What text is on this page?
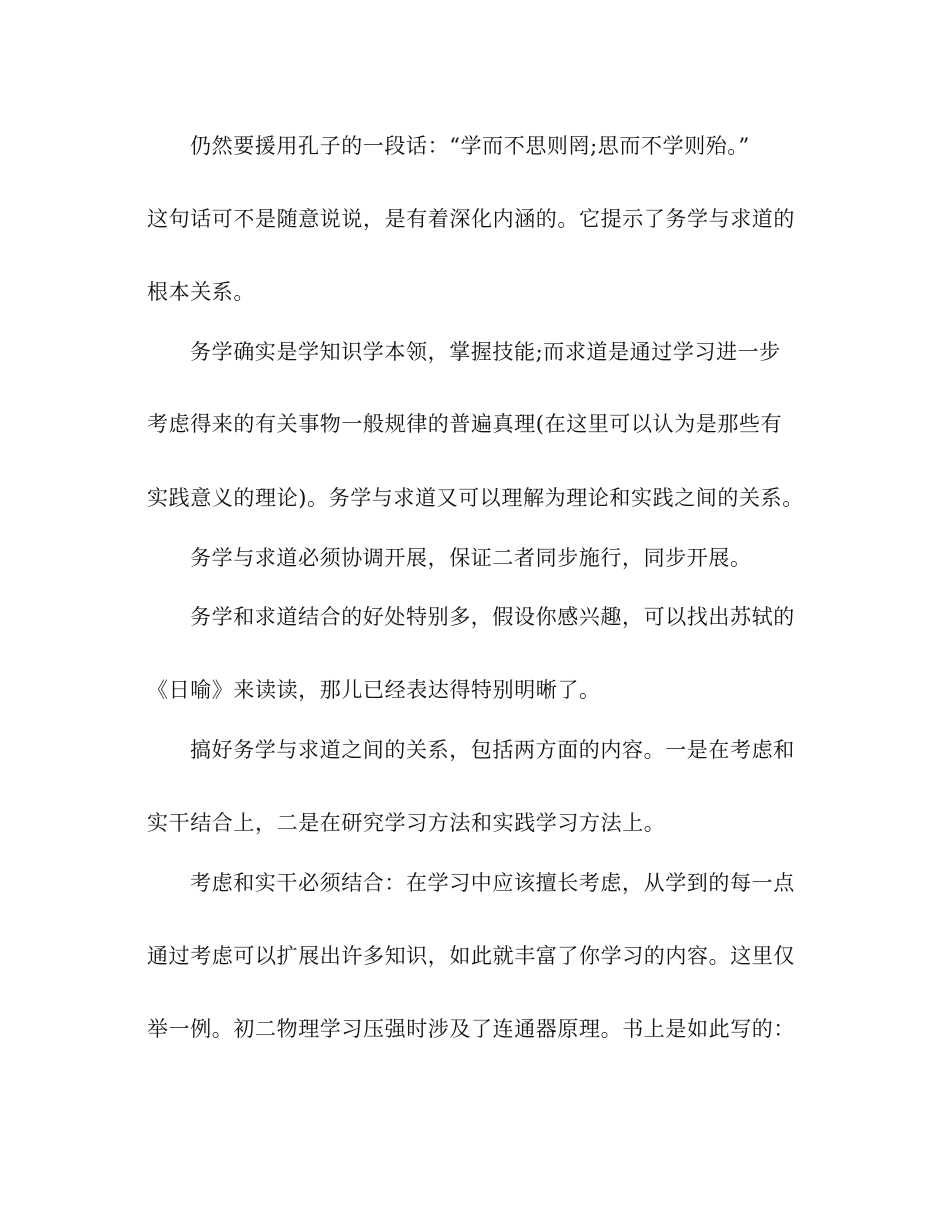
仍然要援用孔子的一段话：“学而不思则罔;思而不学则殆。”
这句话可不是随意说说，是有着深化内涵的。它提示了务学与求道的
根本关系。
务学确实是学知识学本领，掌握技能;而求道是通过学习进一步
考虑得来的有关事物一般规律的普遍真理(在这里可以认为是那些有
实践意义的理论)。务学与求道又可以理解为理论和实践之间的关系。
务学与求道必须协调开展，保证二者同步施行，同步开展。
务学和求道结合的好处特别多，假设你感兴趣，可以找出苏轼的
《日喻》来读读，那儿已经表达得特别明晰了。
搞好务学与求道之间的关系，包括两方面的内容。一是在考虑和
实干结合上，二是在研究学习方法和实践学习方法上。
考虑和实干必须结合：在学习中应该擅长考虑，从学到的每一点
通过考虑可以扩展出许多知识，如此就丰富了你学习的内容。这里仅
举一例。初二物理学习压强时涉及了连通器原理。书上是如此写的：
